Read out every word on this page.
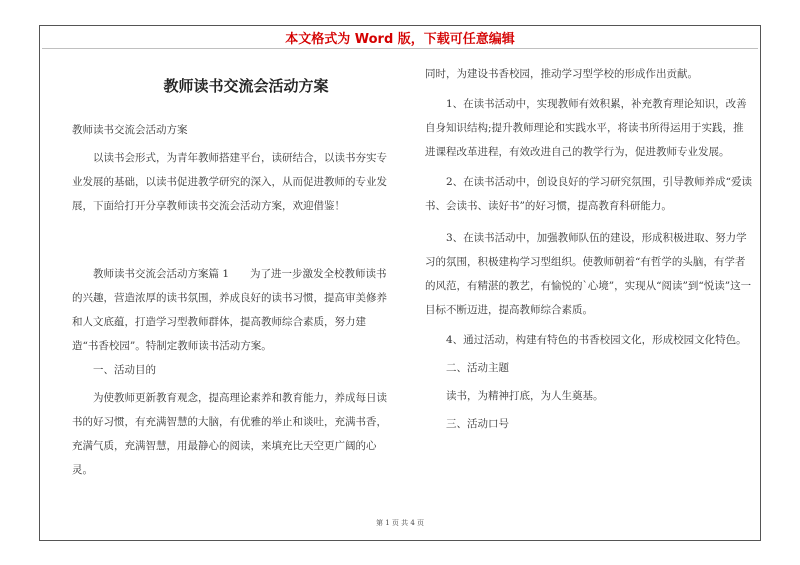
本文格式为 Word 版，下载可任意编辑

教师读书交流会活动方案

教师读书交流会活动方案

以读书会形式，为青年教师搭建平台，读研结合，以读书夯实专业发展的基础，以读书促进教学研究的深入，从而促进教师的专业发展，下面给打开分享教师读书交流会活动方案，欢迎借鉴！

教师读书交流会活动方案篇 1　　为了进一步激发全校教师读书的兴趣，营造浓厚的读书氛围，养成良好的读书习惯，提高审美修养和人文底蕴，打造学习型教师群体，提高教师综合素质，努力建造“书香校园”。特制定教师读书活动方案。

一、活动目的

为使教师更新教育观念，提高理论素养和教育能力，养成每日读书的好习惯，有充满智慧的大脑，有优雅的举止和谈吐，充满书香，充满气质，充满智慧，用最静心的阅读，来填充比天空更广阔的心灵。

同时，为建设书香校园，推动学习型学校的形成作出贡献。

1、在读书活动中，实现教师有效积累，补充教育理论知识，改善自身知识结构;提升教师理论和实践水平，将读书所得运用于实践，推进课程改革进程，有效改进自己的教学行为，促进教师专业发展。

2、在读书活动中，创设良好的学习研究氛围，引导教师养成“爱读书、会读书、读好书”的好习惯，提高教育科研能力。

3、在读书活动中，加强教师队伍的建设，形成积极进取、努力学习的氛围，积极建构学习型组织。使教师朝着“有哲学的头脑，有学者的风范，有精湛的教艺，有愉悦的`心境”，实现从“阅读”到“悦读”这一目标不断迈进，提高教师综合素质。

4、通过活动，构建有特色的书香校园文化，形成校园文化特色。

二、活动主题

读书，为精神打底，为人生奠基。

三、活动口号

第 1 页 共 4 页
